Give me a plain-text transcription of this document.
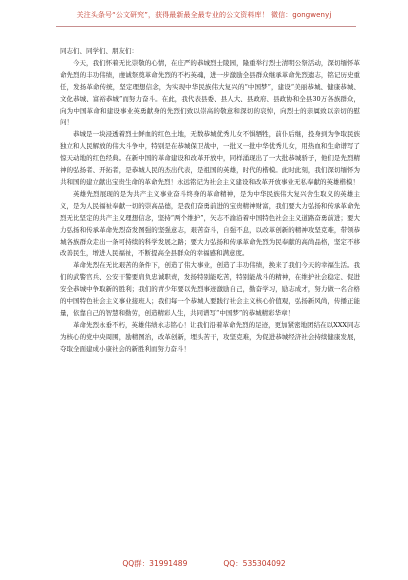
关注头条号“公文研究”，获得最新最全最专业的公文资料库！ 微信：gongwenyj

同志们、同学们、朋友们：

今天，我们怀着无比崇敬的心情，在庄严的恭城烈士陵园，隆重举行烈士清明公祭活动，深切缅怀革命先烈的丰功伟绩，虔诚祭奠革命先烈的不朽英魂，进一步激励全县群众继承革命先烈遗志，铭记历史重任，发扬革命传统，坚定理想信念，为实现中华民族伟大复兴的“中国梦”，建设“美丽恭城、健康恭城、文化恭城、富裕恭城”而努力奋斗。在此，我代表县委、县人大、县政府、县政协和全县30万各族群众，向为中国革命和建设事业英勇献身的先烈们致以崇高的敬意和深切的哀悼，向烈士的亲属致以亲切的慰问！

恭城是一块浸透着烈士鲜血的红色土地，无数恭城优秀儿女不惧牺牲，前仆后继，投身到为争取民族独立和人民解放的伟大斗争中，特别是在恭城保卫战中，一批又一批中华优秀儿女，用热血和生命谱写了惊天动地的红色经典。在新中国的革命建设和改革开放中，同样涌现出了一大批恭城骄子，他们是先烈精神的弘扬者、开拓者，是恭城人民的杰出代表，是祖国的英雄，时代的楷模。此时此刻，我们深切缅怀为共和国的建立献出宝贵生命的革命先烈！永远铭记为社会主义建设和改革开放事业无私奉献的英雄楷模！

英雄先烈展现的是为共产主义事业奋斗终身的革命精神，是为中华民族伟大复兴舍生取义的英雄主义，是为人民福祉奉献一切的崇高品德，是我们奋勇前进的宝贵精神财富，我们要大力弘扬和传承革命先烈无比坚定的共产主义理想信念，坚持“两个维护”，矢志不渝沿着中国特色社会主义道路奋勇前进；要大力弘扬和传承革命先烈奋发图强的坚强意志，艰苦奋斗，自强不息，以改革创新的精神攻坚克难，带领恭城各族群众走出一条可持续的科学发展之路；要大力弘扬和传承革命先烈为民奉献的高尚品格，坚定不移改善民生，增进人民福祉，不断提高全县群众的幸福感和满意度。

革命先烈在无比艰苦的条件下，创造了伟大事业，创造了丰功伟绩，换来了我们今天的幸福生活。我们的武警官兵、公安干警要肩负忠诚职责，发扬特别能吃苦，特别能战斗的精神，在维护社会稳定、促进安全恭城中争取新的胜利；我们的青少年要以先烈事迹激励自己，勤奋学习，励志成才，努力做一名合格的中国特色社会主义事业接班人；我们每一个恭城人要践行社会主义核心价值观，弘扬新风尚，传播正能量，依靠自己的智慧和勤劳，创造精彩人生，共同谱写“中国梦”的恭城精彩华章！

革命先烈永垂不朽，英雄伟绩永志铭心！让我们沿着革命先烈的足迹，更加紧密地团结在以XXX同志为核心的党中央周围，励精图治，改革创新，埋头苦干，攻坚克难，为促进恭城经济社会持续健康发展，夺取全面建成小康社会的新胜利而努力奋斗！

QQ群：31991489	QQ：535304092
